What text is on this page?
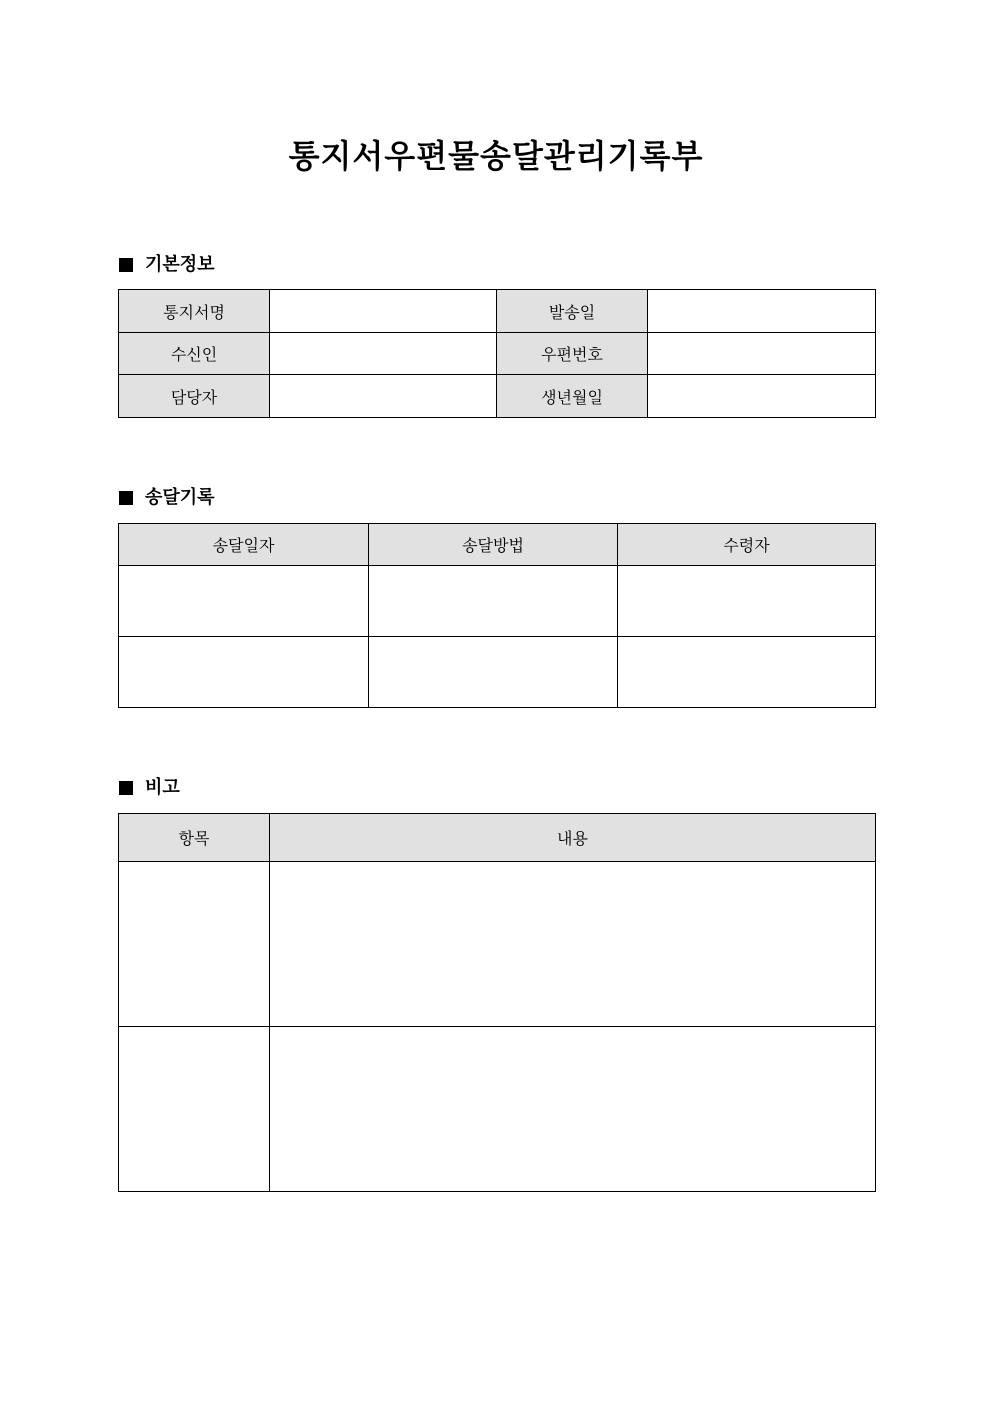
통지서우편물송달관리기록부
기본정보
통지서명		발송일	
수신인		우편번호	
담당자		생년월일	
송달기록
송달일자	송달방법	수령자

비고
항목	내용
